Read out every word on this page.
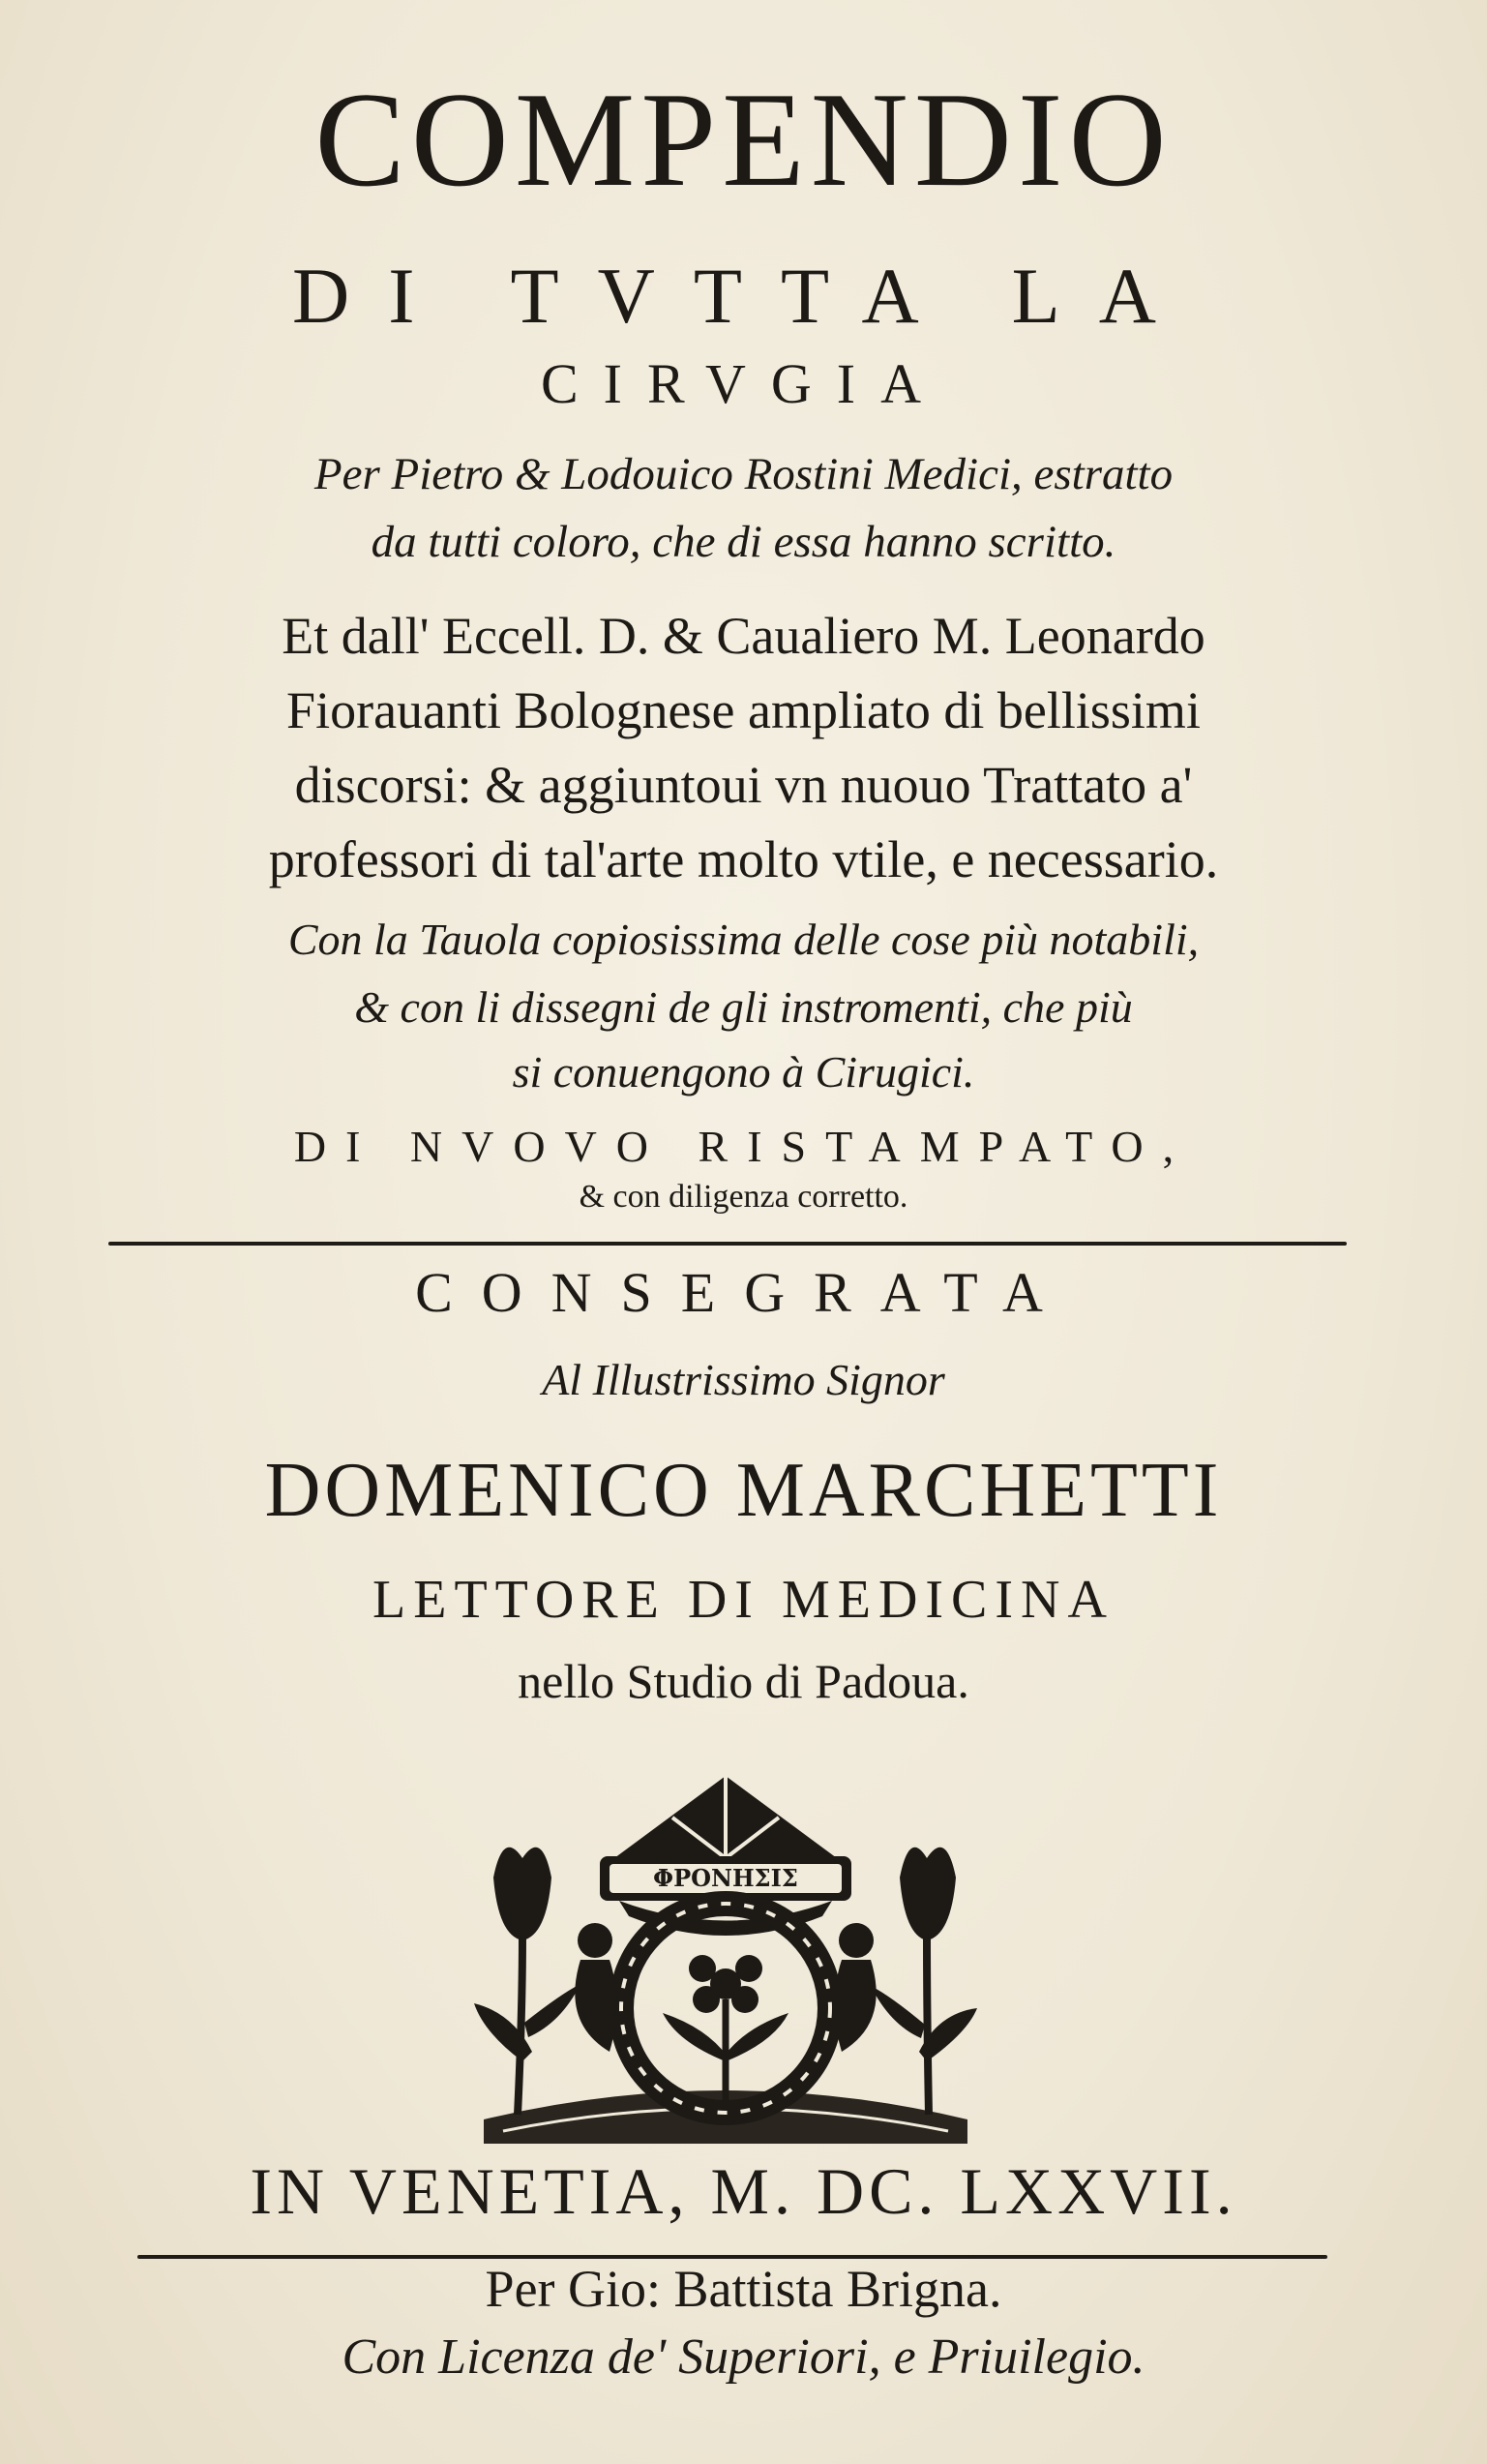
COMPENDIO
DI TVTTA LA
CIRVGIA
Per Pietro & Lodouico Rostini Medici, estratto
da tutti coloro, che di essa hanno scritto.
Et dall' Eccell. D. & Caualiero M. Leonardo
Fiorauanti Bolognese ampliato di bellissimi
discorsi: & aggiuntoui vn nuouo Trattato a'
professori di tal'arte molto vtile, e necessario.
Con la Tauola copiosissima delle cose più notabili,
& con li dissegni de gli instromenti, che più
si conuengono à Cirugici.
DI NVOVO RISTAMPATO,
& con diligenza corretto.
CONSEGRATA
Al Illustrissimo Signor
DOMENICO MARCHETTI
LETTORE DI MEDICINA
nello Studio di Padoua.
ΦΡΟΝΗΣΙΣ
IN VENETIA, M. DC. LXXVII.
Per Gio: Battista Brigna.
Con Licenza de' Superiori, e Priuilegio.
